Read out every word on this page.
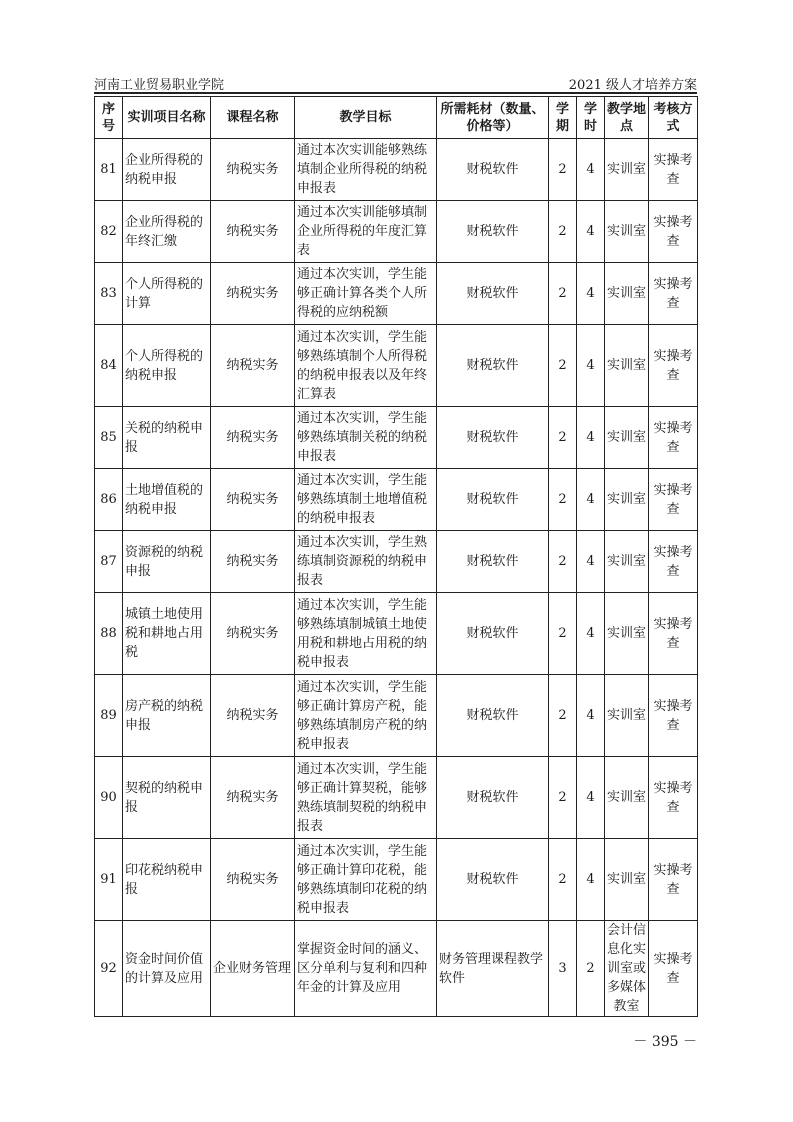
河南工业贸易职业学院	2021 级人才培养方案
序号	实训项目名称	课程名称	教学目标	所需耗材（数量、价格等）	学期	学时	教学地点	考核方式
81	企业所得税的纳税申报	纳税实务	通过本次实训能够熟练填制企业所得税的纳税申报表	财税软件	2	4	实训室	实操考查
82	企业所得税的年终汇缴	纳税实务	通过本次实训能够填制企业所得税的年度汇算表	财税软件	2	4	实训室	实操考查
83	个人所得税的计算	纳税实务	通过本次实训，学生能够正确计算各类个人所得税的应纳税额	财税软件	2	4	实训室	实操考查
84	个人所得税的纳税申报	纳税实务	通过本次实训，学生能够熟练填制个人所得税的纳税申报表以及年终汇算表	财税软件	2	4	实训室	实操考查
85	关税的纳税申报	纳税实务	通过本次实训，学生能够熟练填制关税的纳税申报表	财税软件	2	4	实训室	实操考查
86	土地增值税的纳税申报	纳税实务	通过本次实训，学生能够熟练填制土地增值税的纳税申报表	财税软件	2	4	实训室	实操考查
87	资源税的纳税申报	纳税实务	通过本次实训，学生熟练填制资源税的纳税申报表	财税软件	2	4	实训室	实操考查
88	城镇土地使用税和耕地占用税	纳税实务	通过本次实训，学生能够熟练填制城镇土地使用税和耕地占用税的纳税申报表	财税软件	2	4	实训室	实操考查
89	房产税的纳税申报	纳税实务	通过本次实训，学生能够正确计算房产税，能够熟练填制房产税的纳税申报表	财税软件	2	4	实训室	实操考查
90	契税的纳税申报	纳税实务	通过本次实训，学生能够正确计算契税，能够熟练填制契税的纳税申报表	财税软件	2	4	实训室	实操考查
91	印花税纳税申报	纳税实务	通过本次实训，学生能够正确计算印花税，能够熟练填制印花税的纳税申报表	财税软件	2	4	实训室	实操考查
92	资金时间价值的计算及应用	企业财务管理	掌握资金时间的涵义、区分单利与复利和四种年金的计算及应用	财务管理课程教学软件	3	2	会计信息化实训室或多媒体教室	实操考查
－ 395 －
